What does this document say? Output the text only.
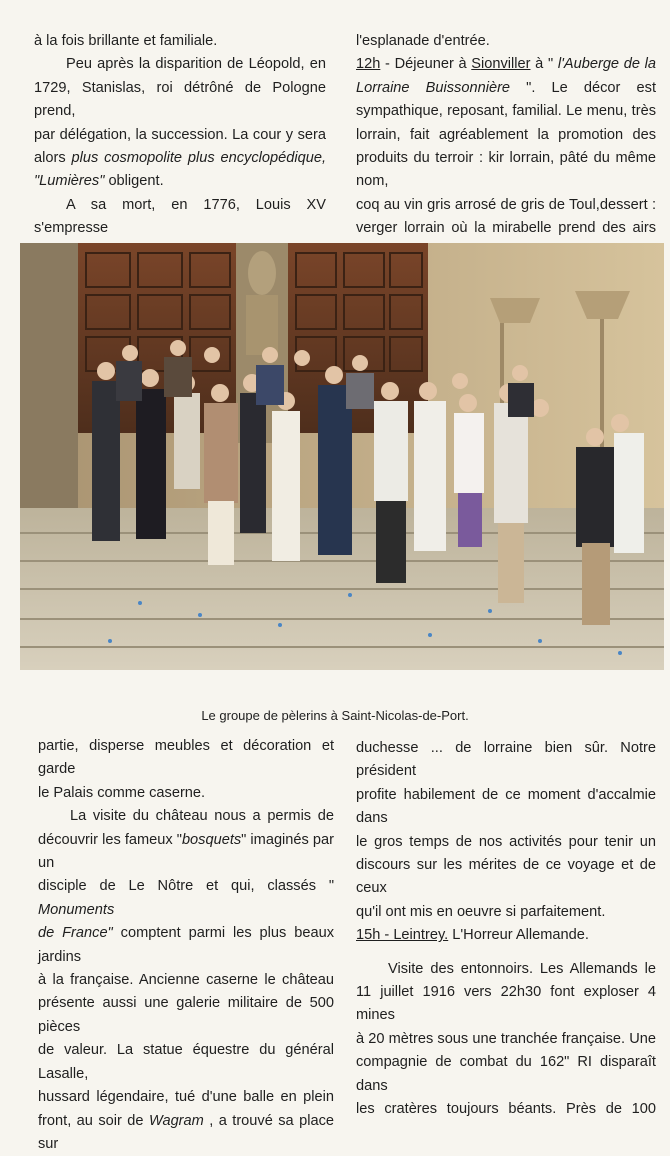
à la fois brillante et familiale.

Peu après la disparition de Léopold, en

1729, Stanislas, roi détrôné de Pologne prend,

par délégation, la succession. La cour y sera

alors plus cosmopolite plus encyclopédique,

"Lumières" obligent.

A sa mort, en 1776, Louis XV s'empresse

l'esplanade d'entrée.

12h - Déjeuner à Sionviller à " l'Auberge de la

Lorraine Buissonnière ". Le décor est

sympathique, reposant, familial. Le menu, très

lorrain, fait agréablement la promotion des

produits du terroir : kir lorrain, pâté du même nom,

coq au vin gris arrosé de gris de Toul,dessert :

verger lorrain où la mirabelle prend des airs

Le groupe de pèlerins à Saint-Nicolas-de-Port.

partie, disperse meubles et décoration et garde

le Palais comme caserne.

La visite du château nous a permis de

découvrir les fameux "bosquets" imaginés par un

disciple de Le Nôtre et qui, classés " Monuments

de France" comptent parmi les plus beaux jardins

à la française. Ancienne caserne le château

présente aussi une galerie militaire de 500 pièces

de valeur. La statue équestre du général Lasalle,

hussard légendaire, tué d'une balle en plein

front, au soir de Wagram , a trouvé sa place sur

duchesse ... de lorraine bien sûr. Notre président

profite habilement de ce moment d'accalmie dans

le gros temps de nos activités pour tenir un

discours sur les mérites de ce voyage et de ceux

qu'il ont mis en oeuvre si parfaitement.

15h - Leintrey. L'Horreur Allemande.

Visite des entonnoirs. Les Allemands le

11 juillet 1916 vers 22h30 font exploser 4 mines

à 20 mètres sous une tranchée française. Une

compagnie de combat du 162" RI disparaît dans

les cratères toujours béants. Près de 100
